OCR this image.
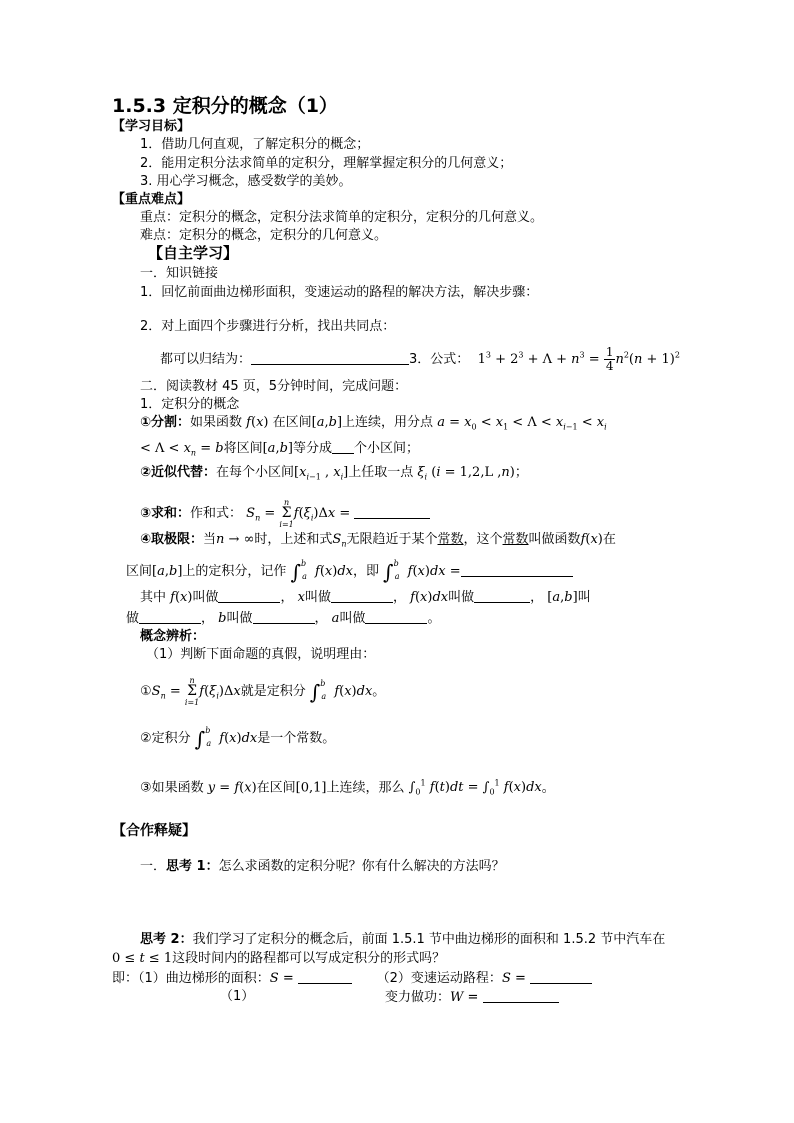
1.5.3 定积分的概念（1）
【学习目标】
1．借助几何直观，了解定积分的概念；
2．能用定积分法求简单的定积分，理解掌握定积分的几何意义；
3. 用心学习概念，感受数学的美妙。
【重点难点】
重点：定积分的概念，定积分法求简单的定积分，定积分的几何意义。
难点：定积分的概念，定积分的几何意义。
【自主学习】
一．知识链接
1．回忆前面曲边梯形面积，变速运动的路程的解决方法，解决步骤：
2．对上面四个步骤进行分析，找出共同点：
都可以归结为：	3．公式： $1^3 + 2^3 + \Lambda + n^3 = \frac{1}{4} n^2(n + 1)^2$
二．阅读教材 45 页，5分钟时间，完成问题：
1．定积分的概念
①分割：如果函数 f(x) 在区间[a,b]上连续，用分点 $a = x_0 < x_1 < \Lambda < x_{i-1} < x_i$
< $\Lambda < x_n = b$将区间[a,b]等分成 个小区间；
②近似代替：在每个小区间[$x_{i-1}$ , $x_i$]上任取一点 $\xi_i$ (i = 1,2,L ,n)；
③求和：作和式： $S_n$ =
n
Σ
i=1
$f(\xi_i)\Delta x$ =
④取极限：当n → ∞时，上述和式$S_n$无限趋近于某个常数，这个常数叫做函数f(x)在
区间[a,b]上的定积分，记作 ∫$^b_a$ f(x)dx，即 ∫$^b_a$ f(x)dx =
其中 f(x)叫做	， x叫做	， f(x)dx叫做	， [a,b]叫
做	， b叫做	， a叫做	。
概念辨析：
（1）判断下面命题的真假，说明理由：
$①S_n$ =
n
Σ
i=1
$f(\xi_i)\Delta x$就是定积分 ∫$^b_a$ f(x)dx。
②定积分 ∫$^b_a$ f(x)dx是一个常数。
③如果函数 y = f(x)在区间[0,1]上连续，那么 $\int_0^1$ $f(t)dt = \int_0^1$ f(x)dx。
【合作释疑】
一．思考 1：怎么求函数的定积分呢？你有什么解决的方法吗？
思考 2：我们学习了定积分的概念后，前面 1.5.1 节中曲边梯形的面积和 1.5.2 节中汽车在
0 ≤ t ≤ 1这段时间内的路程都可以写成定积分的形式吗？
即：（1）曲边梯形的面积：S =	（2）变速运动路程：S =
（1）	变力做功：W =
